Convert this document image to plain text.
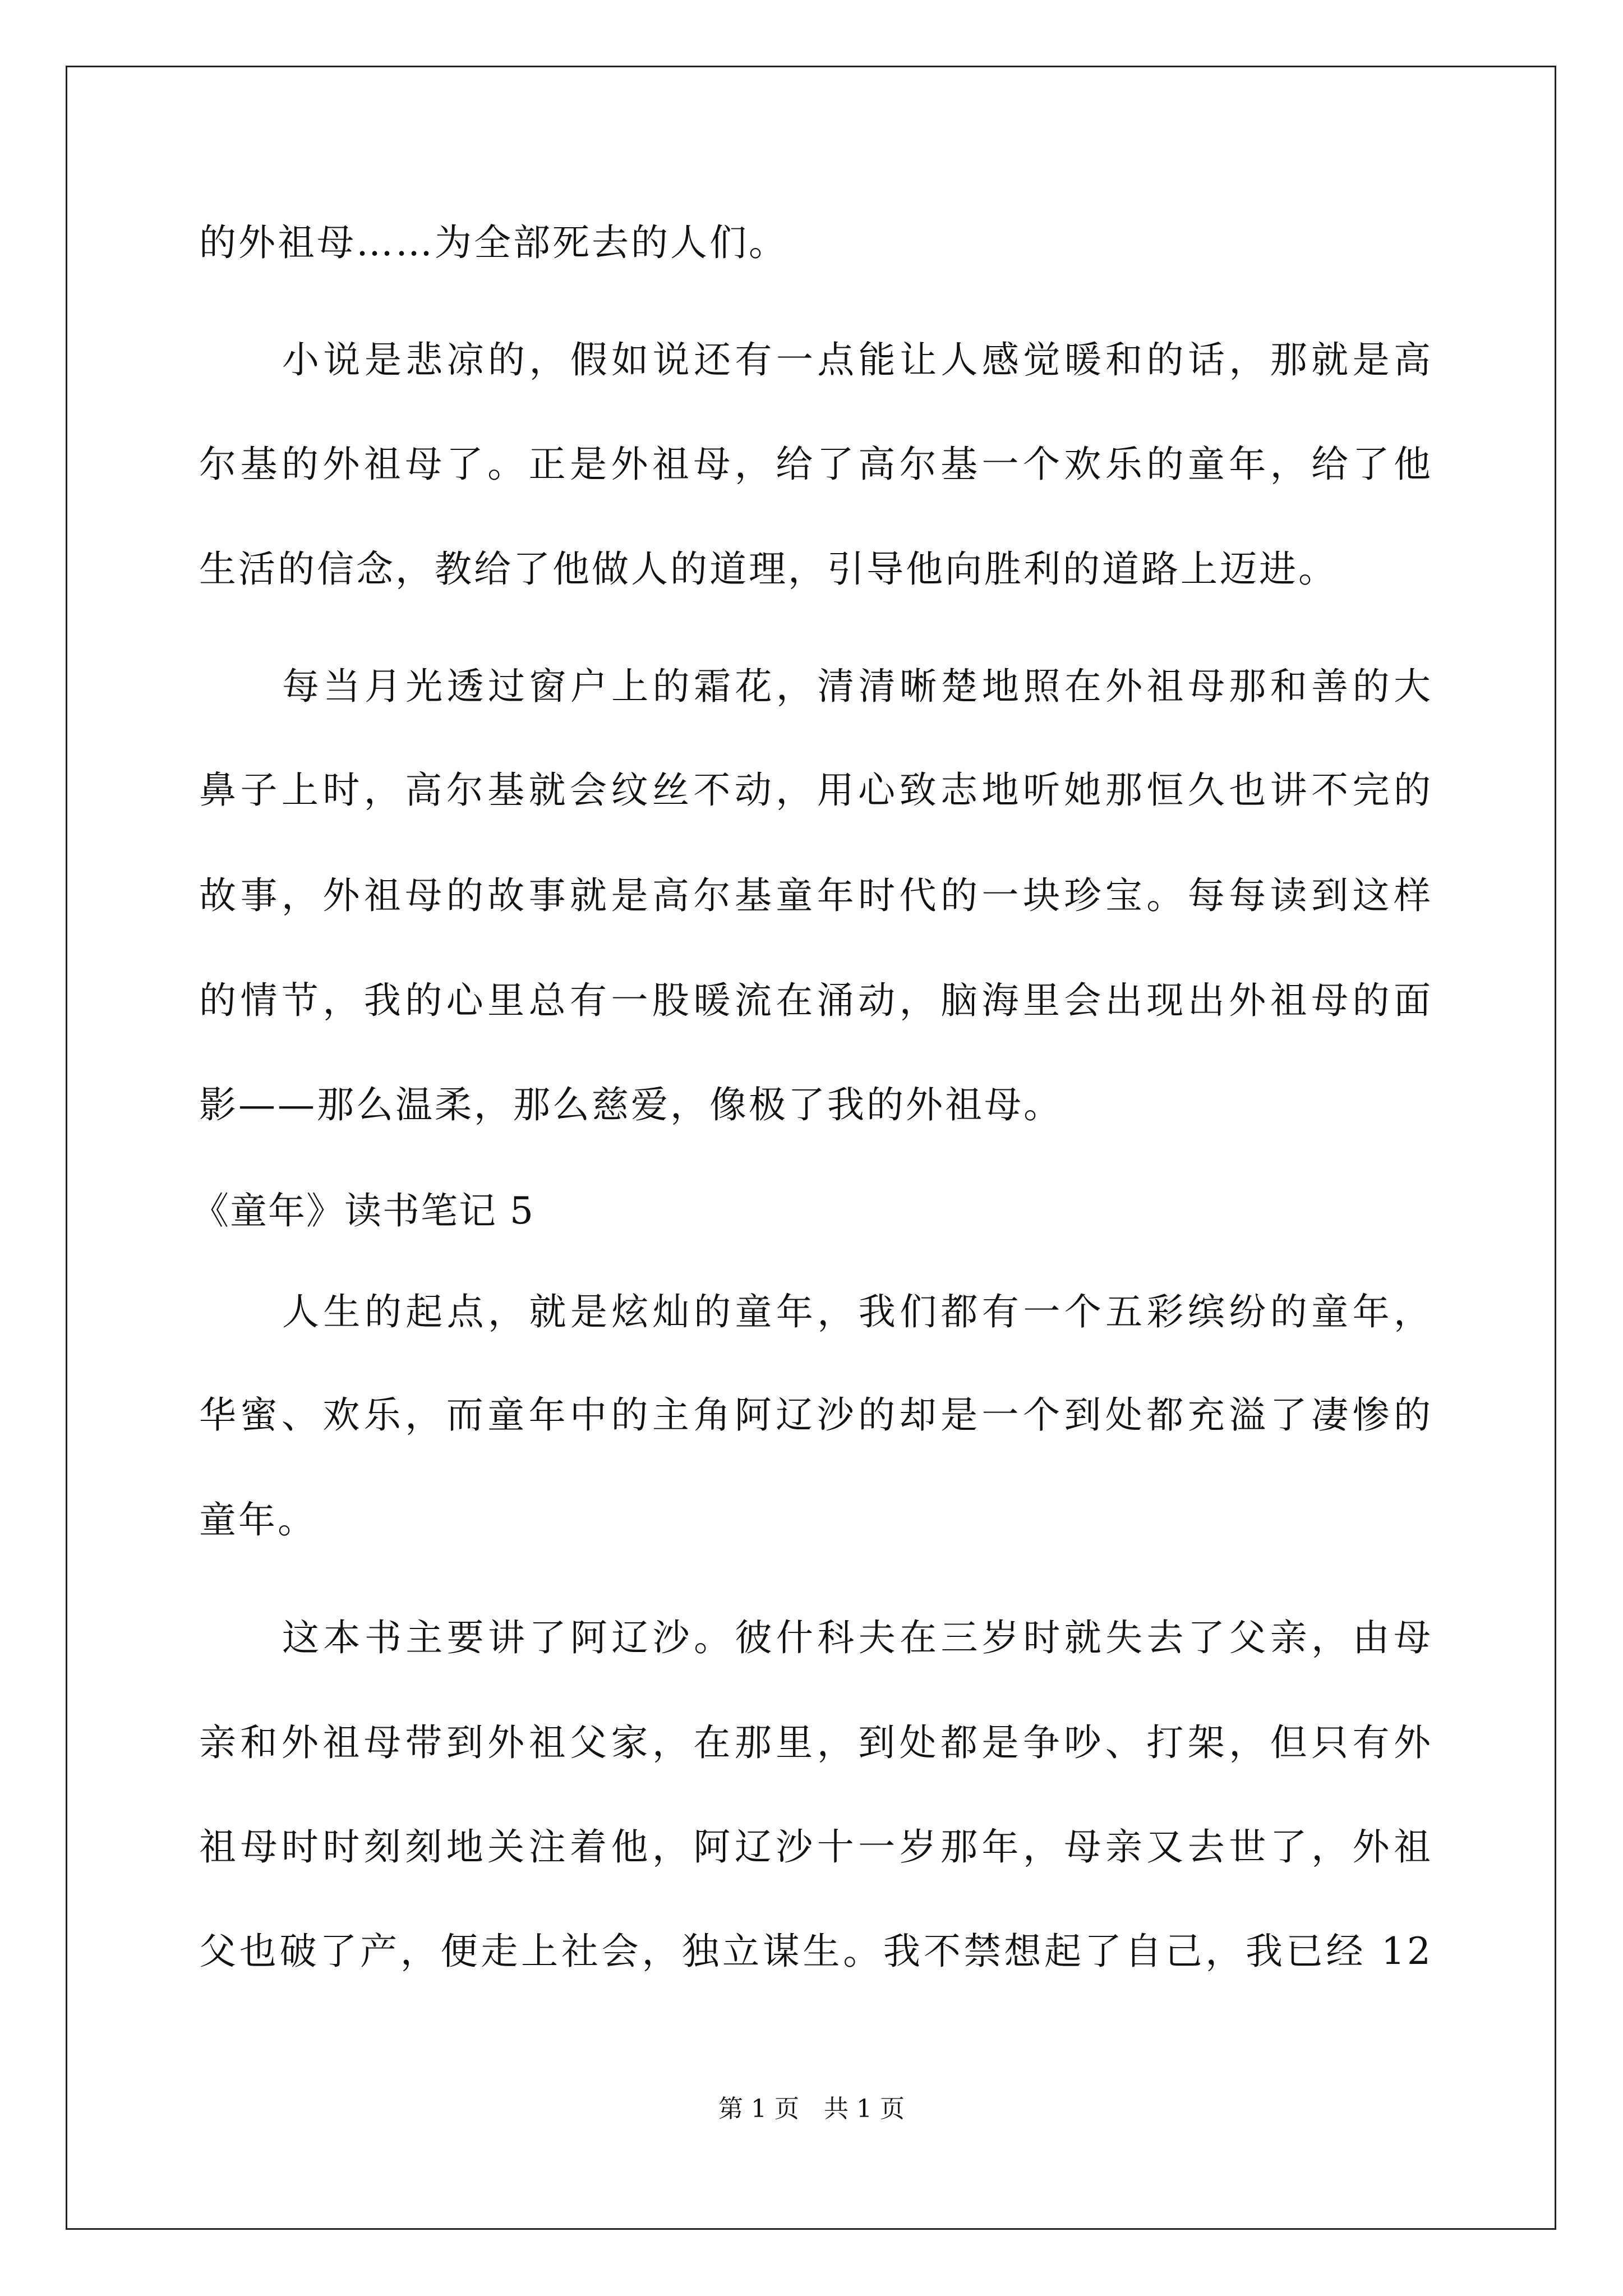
的外祖母……为全部死去的人们。
小说是悲凉的，假如说还有一点能让人感觉暖和的话，那就是高
尔基的外祖母了。正是外祖母，给了高尔基一个欢乐的童年，给了他
生活的信念，教给了他做人的道理，引导他向胜利的道路上迈进。
每当月光透过窗户上的霜花，清清晰楚地照在外祖母那和善的大
鼻子上时，高尔基就会纹丝不动，用心致志地听她那恒久也讲不完的
故事，外祖母的故事就是高尔基童年时代的一块珍宝。每每读到这样
的情节，我的心里总有一股暖流在涌动，脑海里会出现出外祖母的面
影——那么温柔，那么慈爱，像极了我的外祖母。
《童年》读书笔记 5
人生的起点，就是炫灿的童年，我们都有一个五彩缤纷的童年，
华蜜、欢乐，而童年中的主角阿辽沙的却是一个到处都充溢了凄惨的
童年。
这本书主要讲了阿辽沙。彼什科夫在三岁时就失去了父亲，由母
亲和外祖母带到外祖父家，在那里，到处都是争吵、打架，但只有外
祖母时时刻刻地关注着他，阿辽沙十一岁那年，母亲又去世了，外祖
父也破了产，便走上社会，独立谋生。我不禁想起了自己，我已经 12
第 1 页　共 1 页
